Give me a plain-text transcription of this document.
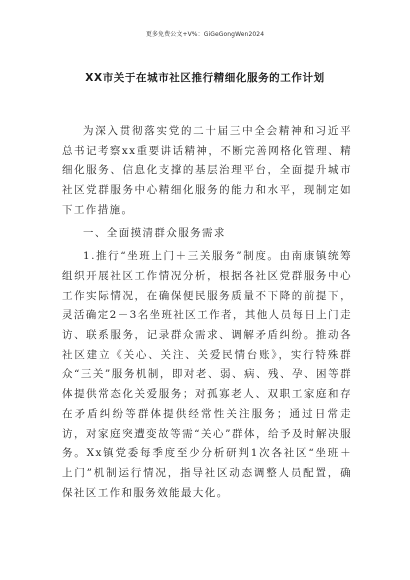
更多免费公文+V%：GiGeGongWen2024
XX市关于在城市社区推行精细化服务的工作计划

为深入贯彻落实党的二十届三中全会精神和习近平总书记考察xx重要讲话精神，不断完善网格化管理、精细化服务、信息化支撑的基层治理平台，全面提升城市社区党群服务中心精细化服务的能力和水平，现制定如下工作措施。

一、全面摸清群众服务需求

1.推行“坐班上门＋三关服务”制度。由南康镇统筹组织开展社区工作情况分析，根据各社区党群服务中心工作实际情况，在确保便民服务质量不下降的前提下，灵活确定2－3名坐班社区工作者，其他人员每日上门走访、联系服务，记录群众需求、调解矛盾纠纷。推动各社区建立《关心、关注、关爱民情台账》，实行特殊群众“三关”服务机制，即对老、弱、病、残、孕、困等群体提供常态化关爱服务；对孤寡老人、双职工家庭和存在矛盾纠纷等群体提供经常性关注服务；通过日常走访，对家庭突遭变故等需“关心”群体，给予及时解决服务。Xx镇党委每季度至少分析研判1次各社区“坐班＋上门”机制运行情况，指导社区动态调整人员配置，确保社区工作和服务效能最大化。
